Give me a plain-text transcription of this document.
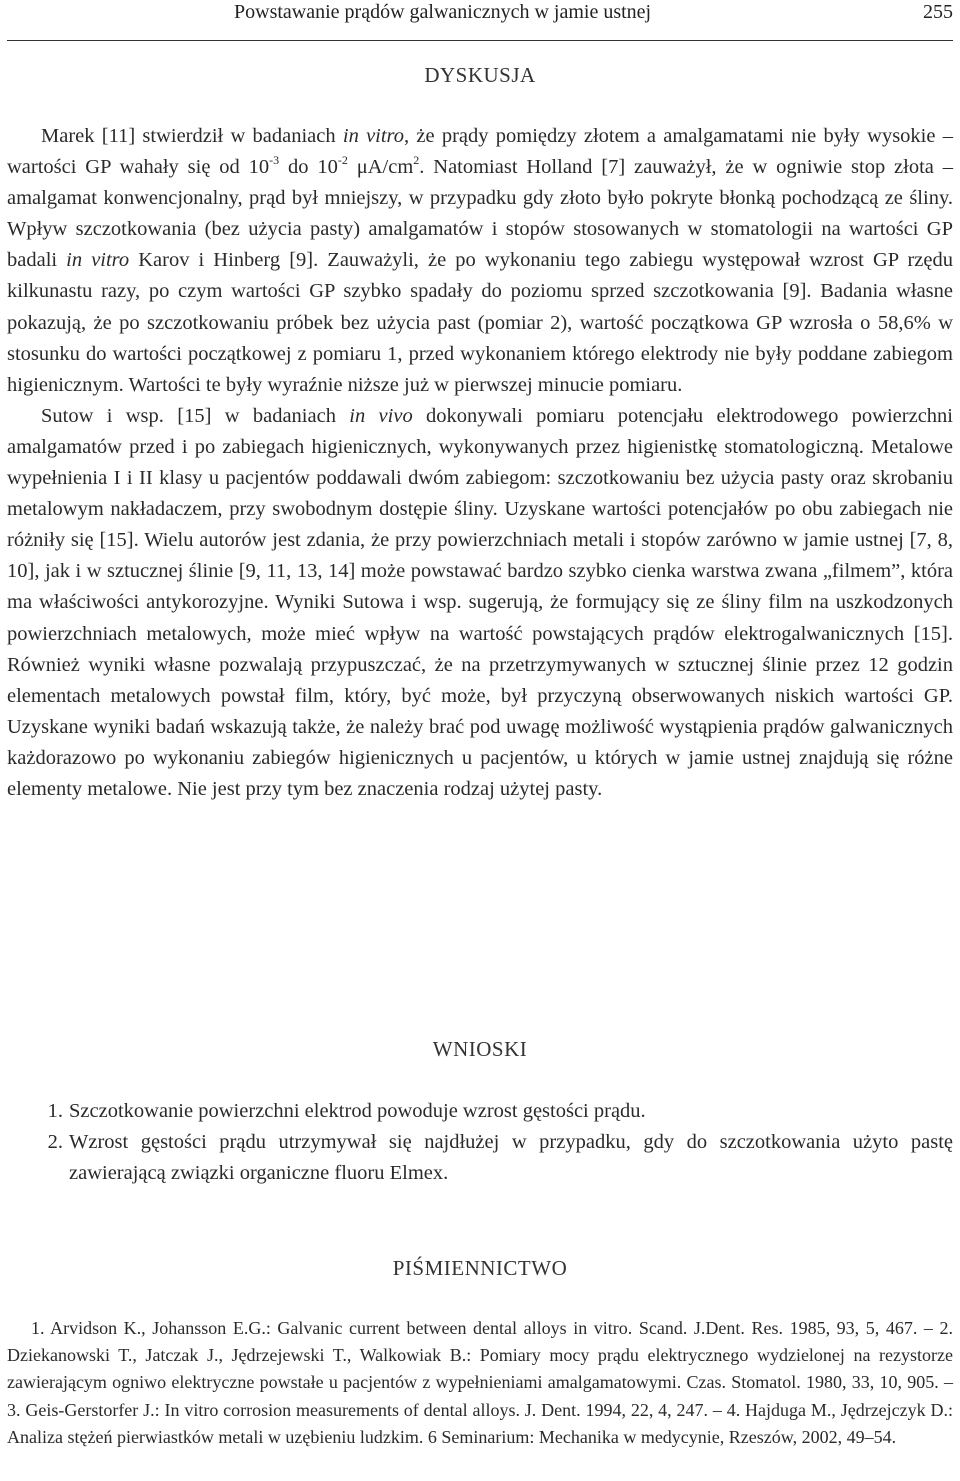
Powstawanie prądów galwanicznych w jamie ustnej	255
DYSKUSJA

Marek [11] stwierdził w badaniach in vitro, że prądy pomiędzy złotem a amalgamatami nie były wysokie – wartości GP wahały się od $10^{-3}$ do $10^{-2}$ $\mu A/cm^2$. Natomiast Holland [7] zauważył, że w ogniwie stop złota – amalgamat konwencjonalny, prąd był mniejszy, w przypadku gdy złoto było pokryte błonką pochodzącą ze śliny. Wpływ szczotkowania (bez użycia pasty) amalgamatów i stopów stosowanych w stomatologii na wartości GP badali in vitro Karov i Hinberg [9]. Zauważyli, że po wykonaniu tego zabiegu występował wzrost GP rzędu kilkunastu razy, po czym wartości GP szybko spadały do poziomu sprzed szczotkowania [9]. Badania własne pokazują, że po szczotkowaniu próbek bez użycia past (pomiar 2), wartość początkowa GP wzrosła o 58,6% w stosunku do wartości początkowej z pomiaru 1, przed wykonaniem którego elektrody nie były poddane zabiegom higienicznym. Wartości te były wyraźnie niższe już w pierwszej minucie pomiaru.

Sutow i wsp. [15] w badaniach in vivo dokonywali pomiaru potencjału elektrodowego powierzchni amalgamatów przed i po zabiegach higienicznych, wykonywanych przez higienistkę stomatologiczną. Metalowe wypełnienia I i II klasy u pacjentów poddawali dwóm zabiegom: szczotkowaniu bez użycia pasty oraz skrobaniu metalowym nakładaczem, przy swobodnym dostępie śliny. Uzyskane wartości potencjałów po obu zabiegach nie różniły się [15]. Wielu autorów jest zdania, że przy powierzchniach metali i stopów zarówno w jamie ustnej [7, 8, 10], jak i w sztucznej ślinie [9, 11, 13, 14] może powstawać bardzo szybko cienka warstwa zwana „filmem”, która ma właściwości antykorozyjne. Wyniki Sutowa i wsp. sugerują, że formujący się ze śliny film na uszkodzonych powierzchniach metalowych, może mieć wpływ na wartość powstających prądów elektrogalwanicznych [15]. Również wyniki własne pozwalają przypuszczać, że na przetrzymywanych w sztucznej ślinie przez 12 godzin elementach metalowych powstał film, który, być może, był przyczyną obserwowanych niskich wartości GP. Uzyskane wyniki badań wskazują także, że należy brać pod uwagę możliwość wystąpienia prądów galwanicznych każdorazowo po wykonaniu zabiegów higienicznych u pacjentów, u których w jamie ustnej znajdują się różne elementy metalowe. Nie jest przy tym bez znaczenia rodzaj użytej pasty.

WNIOSKI
1. Szczotkowanie powierzchni elektrod powoduje wzrost gęstości prądu.
2. Wzrost gęstości prądu utrzymywał się najdłużej w przypadku, gdy do szczotkowania użyto pastę zawierającą związki organiczne fluoru Elmex.
PIŚMIENNICTWO

1. Arvidson K., Johansson E.G.: Galvanic current between dental alloys in vitro. Scand. J.Dent. Res. 1985, 93, 5, 467. – 2. Dziekanowski T., Jatczak J., Jędrzejewski T., Walkowiak B.: Pomiary mocy prądu elektrycznego wydzielonej na rezystorze zawierającym ogniwo elektryczne powstałe u pacjentów z wypełnieniami amalgamatowymi. Czas. Stomatol. 1980, 33, 10, 905. – 3. Geis-Gerstorfer J.: In vitro corrosion measurements of dental alloys. J. Dent. 1994, 22, 4, 247. – 4. Hajduga M., Jędrzejczyk D.: Analiza stężeń pierwiastków metali w uzębieniu ludzkim. 6 Seminarium: Mechanika w medycynie, Rzeszów, 2002, 49–54.
